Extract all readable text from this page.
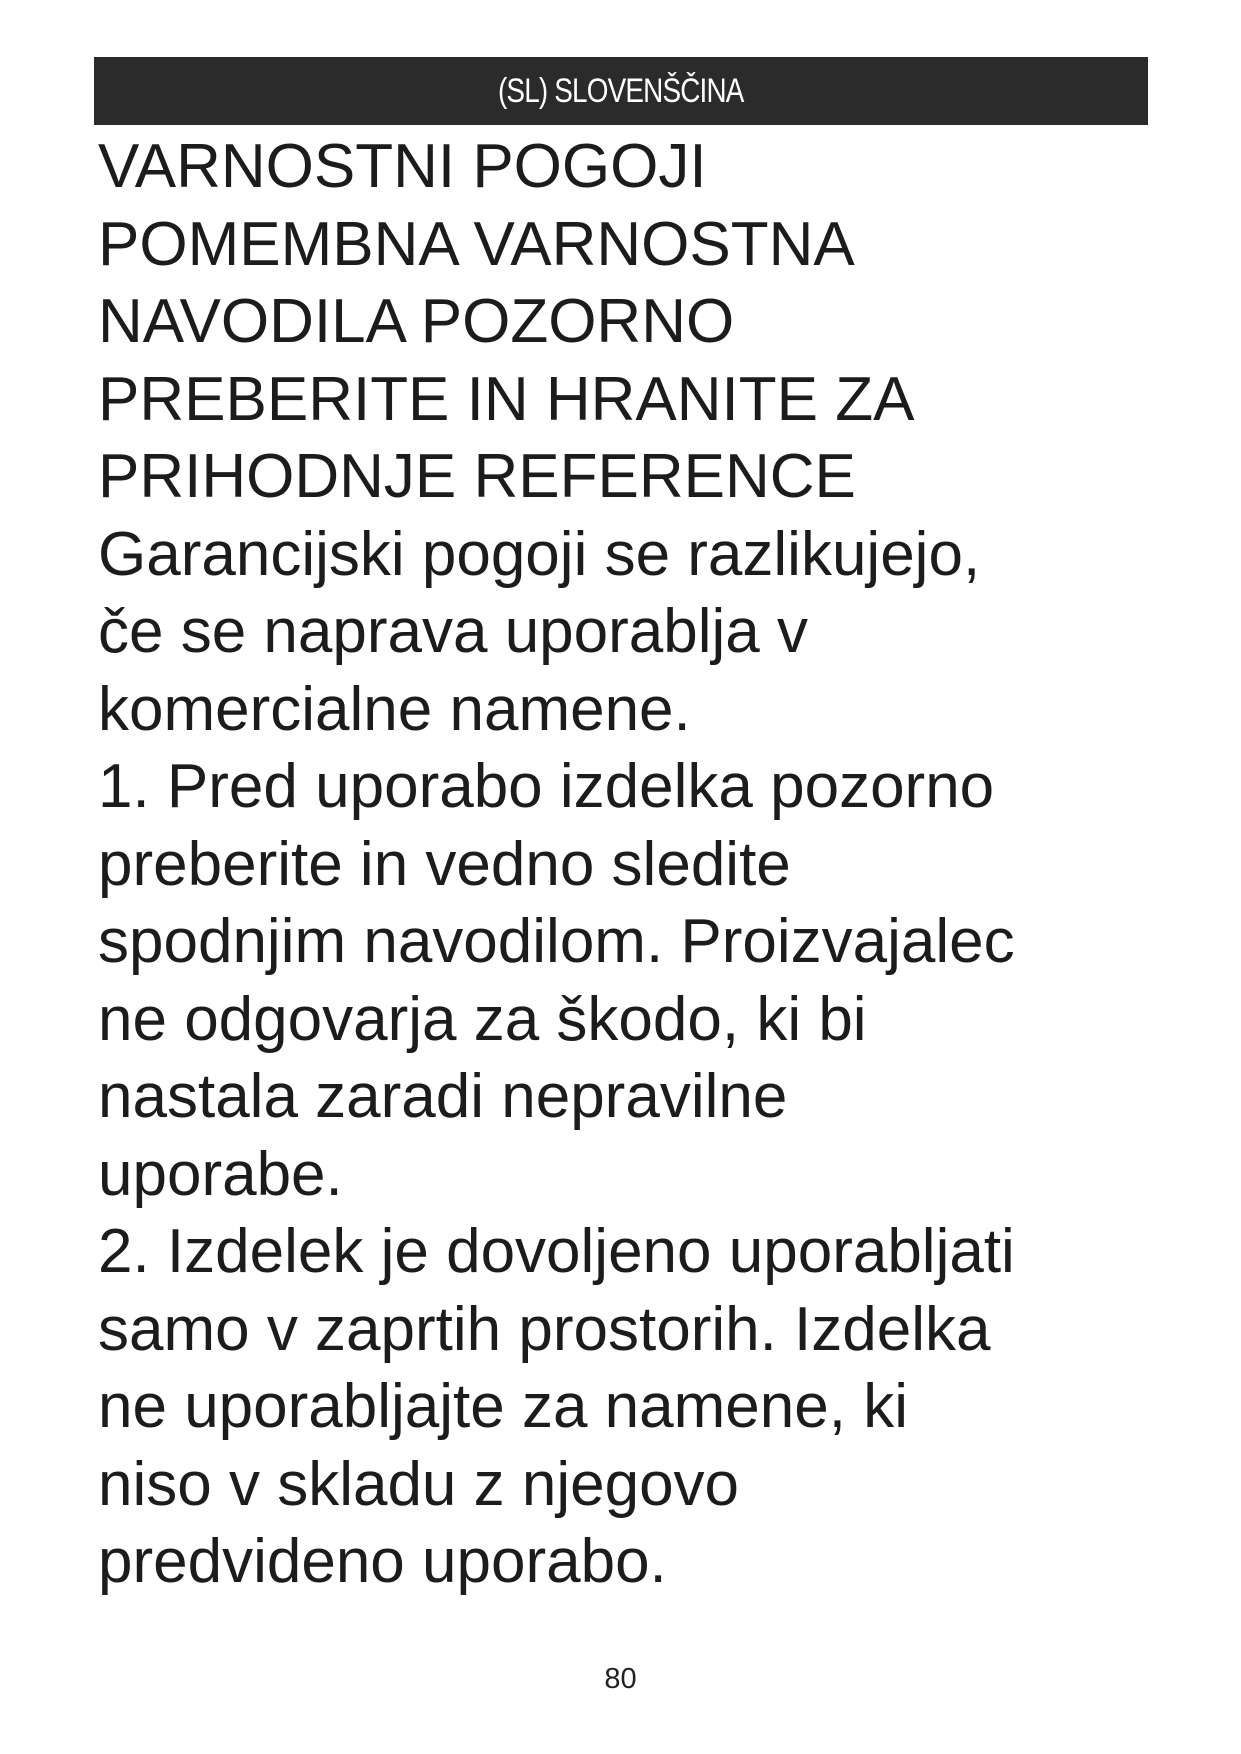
(SL) SLOVENŠČINA

VARNOSTNI POGOJI

POMEMBNA VARNOSTNA

NAVODILA POZORNO

PREBERITE IN HRANITE ZA

PRIHODNJE REFERENCE

Garancijski pogoji se razlikujejo,

če se naprava uporablja v

komercialne namene.

1. Pred uporabo izdelka pozorno

preberite in vedno sledite

spodnjim navodilom. Proizvajalec

ne odgovarja za škodo, ki bi

nastala zaradi nepravilne

uporabe.

2. Izdelek je dovoljeno uporabljati

samo v zaprtih prostorih. Izdelka

ne uporabljajte za namene, ki

niso v skladu z njegovo

predvideno uporabo.

80
